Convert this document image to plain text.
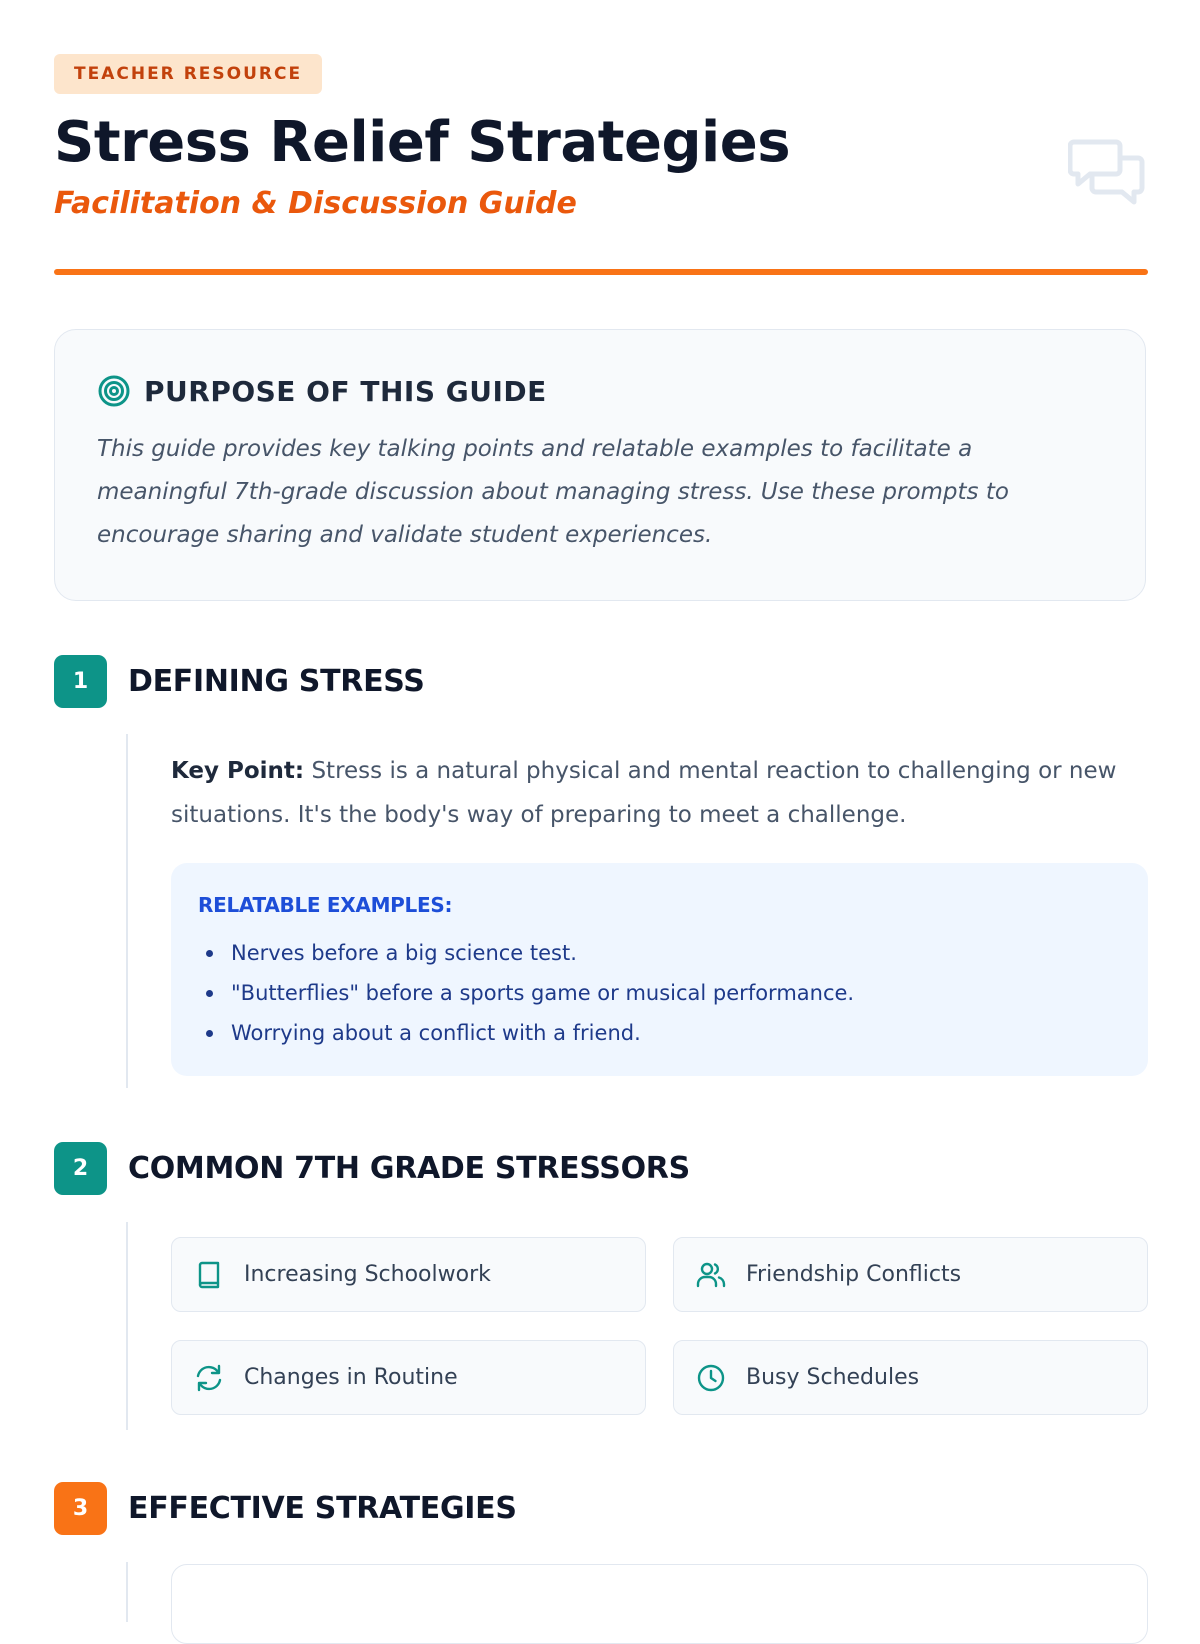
TEACHER RESOURCE
Stress Relief Strategies
Facilitation & Discussion Guide
PURPOSE OF THIS GUIDE

This guide provides key talking points and relatable examples to facilitate a meaningful 7th-grade discussion about managing stress. Use these prompts to encourage sharing and validate student experiences.

1	DEFINING STRESS

Key Point: Stress is a natural physical and mental reaction to challenging or new situations. It's the body's way of preparing to meet a challenge.

RELATABLE EXAMPLES:
Nerves before a big science test.
"Butterflies" before a sports game or musical performance.
Worrying about a conflict with a friend.
2	COMMON 7TH GRADE STRESSORS
Increasing Schoolwork	Friendship Conflicts
Changes in Routine	Busy Schedules
3	EFFECTIVE STRATEGIES
